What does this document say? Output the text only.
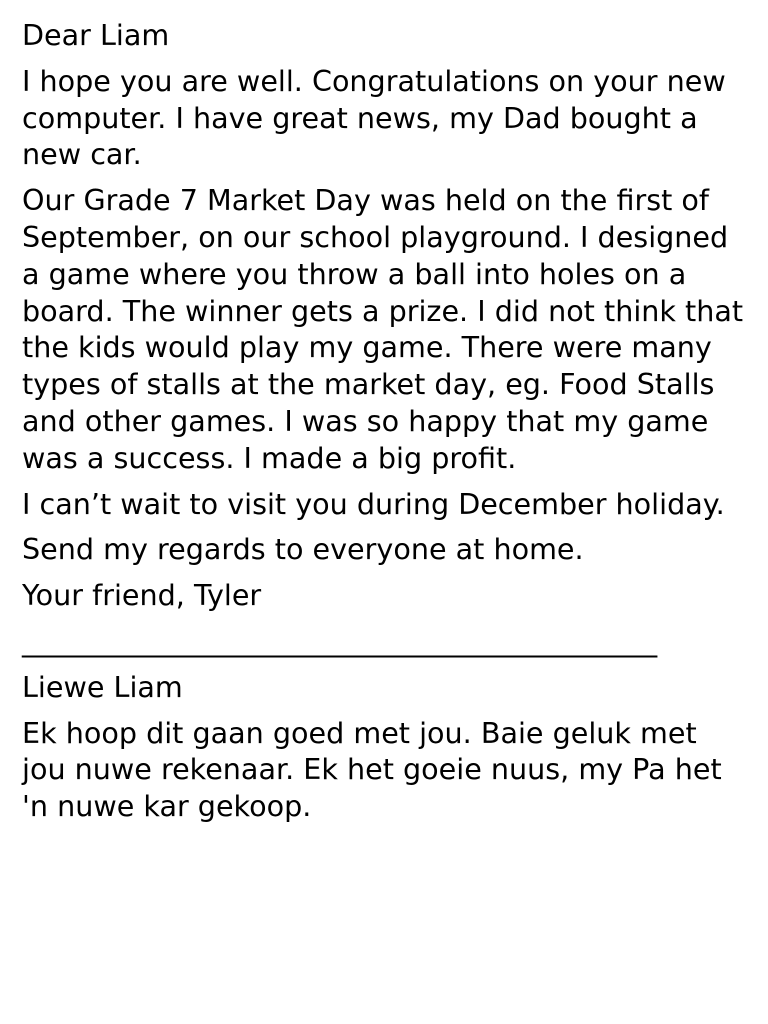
Dear Liam

I hope you are well. Congratulations on your new computer. I have great news, my Dad bought a new car.

Our Grade 7 Market Day was held on the first of September, on our school playground. I designed a game where you throw a ball into holes on a board. The winner gets a prize. I did not think that the kids would play my game. There were many types of stalls at the market day, eg. Food Stalls and other games. I was so happy that my game was a success. I made a big profit.

I can’t wait to visit you during December holiday.

Send my regards to everyone at home.

Your friend, Tyler

______________________________________________

Liewe Liam

Ek hoop dit gaan goed met jou. Baie geluk met jou nuwe rekenaar. Ek het goeie nuus, my Pa het 'n nuwe kar gekoop.
